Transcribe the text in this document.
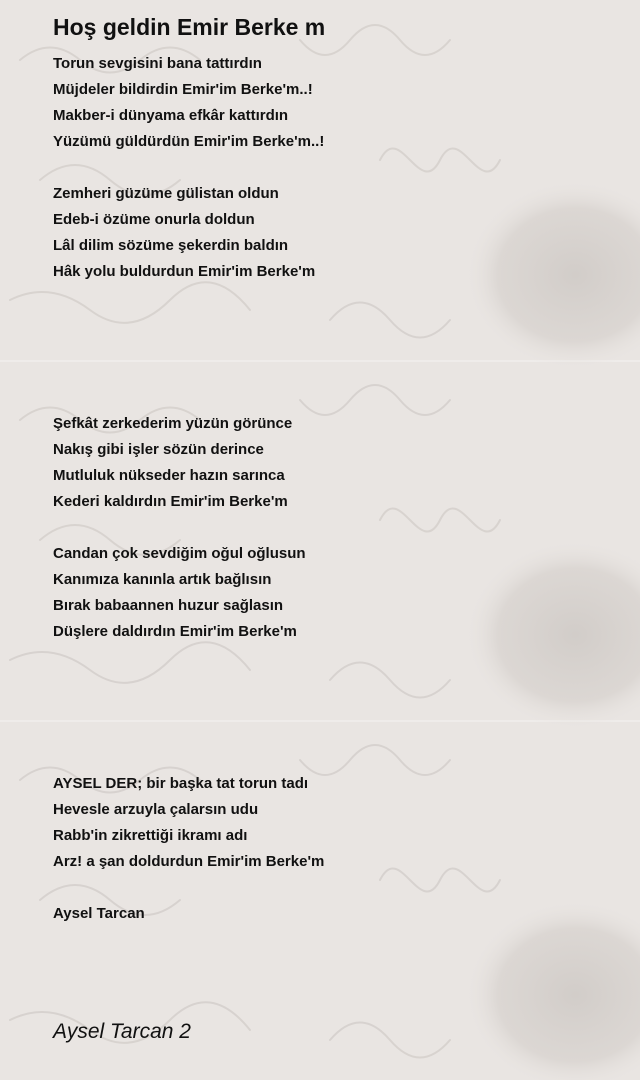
Hoş geldin Emir Berke m
Torun sevgisini bana tattırdın
Müjdeler bildirdin Emir'im Berke'm..!
Makber-i dünyama efkâr kattırdın
Yüzümü güldürdün Emir'im Berke'm..!
Zemheri güzüme gülistan oldun
Edeb-i özüme onurla doldun
Lâl dilim sözüme şekerdin baldın
Hâk yolu buldurdun Emir'im Berke'm
Şefkât zerkederim yüzün görünce
Nakış gibi işler sözün derince
Mutluluk nükseder hazın sarınca
Kederi kaldırdın Emir'im Berke'm
Candan çok sevdiğim oğul oğlusun
Kanımıza kanınla artık bağlısın
Bırak babaannen huzur sağlasın
Düşlere daldırdın Emir'im Berke'm
AYSEL DER; bir başka tat torun tadı
Hevesle arzuyla çalarsın udu
Rabb'in zikrettiği ikramı adı
Arz! a şan doldurdun Emir'im Berke'm
Aysel Tarcan
Aysel Tarcan 2
